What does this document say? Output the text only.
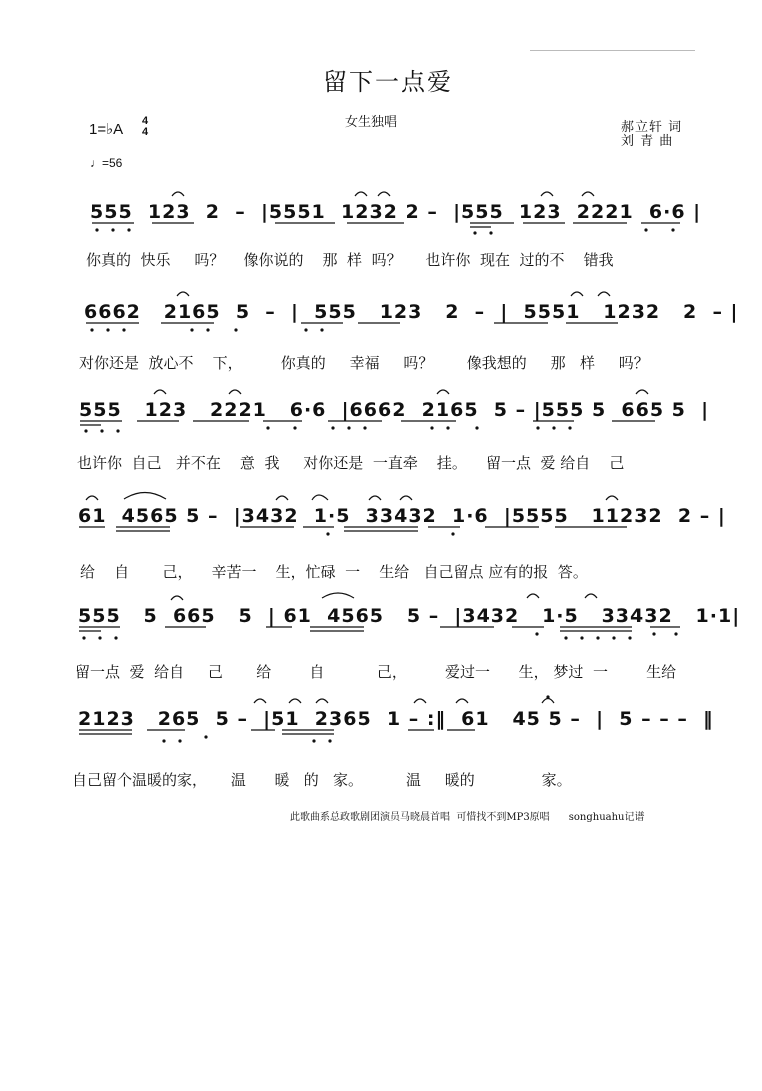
留下一点爱
女生独唱	郝立轩 词
刘 青 曲
1=♭A 4
4
♩=56
555  123  2  –  |5551  1232 2 –  |555  123  2221  6·6 |
你真的  快乐     吗？    像你说的    那  样  吗？     也许你  现在  过的不    错我
6662   2165  5  –  |  555   123   2  –  |  5551   1232   2  – |
对你还是  放心不    下，        你真的     幸福     吗？       像我想的     那   样     吗？
555   123   2221   6·6  |6662  2165  5 – |555 5  665 5  |
也许你  自己   并不在    意  我     对你还是  一直牵    挂。    留一点  爱 给自    己
61  4565 5 –  |3432  1·5  33432  1·6  |5555   11232  2 – |
给    自       己，    辛苦一    生，忙碌  一    生给   自己留点 应有的报  答。
555   5  665   5  | 61  4565   5 –  |3432   1·5   33432   1·1|
留一点  爱  给自     己       给        自           己，        爱过一      生， 梦过  一        生给
2123   265  5 –  |51  2365  1 – :‖  61   45 5 –  |  5 – – –  ‖
自己留个温暖的家，     温      暖   的   家。         温     暖的              家。
此歌曲系总政歌剧团演员马晓晨首唱  可惜找不到MP3原唱      songhuahu记谱
